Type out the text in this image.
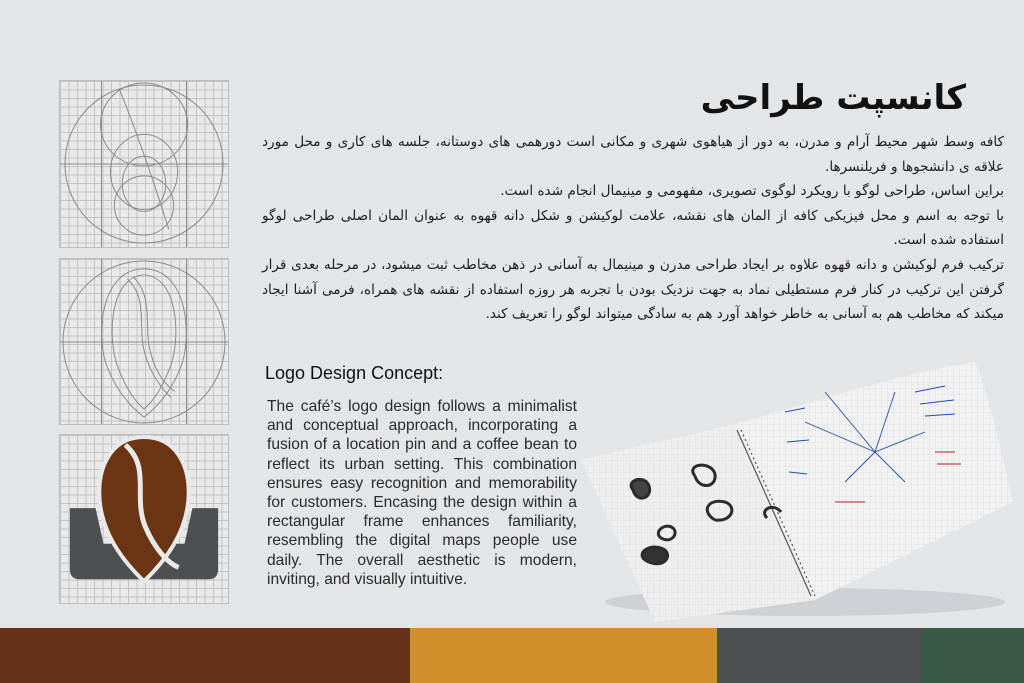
کانسپت طراحی

کافه وسط شهر محیط آرام و مدرن، به دور از هیاهوی شهری و مکانی است دورهمی های دوستانه، جلسه های کاری و محل مورد علاقه ی دانشجوها و فریلنسرها.

براین اساس، طراحی لوگو با رویکرد لوگوی تصویری، مفهومی و مینیمال انجام شده است.

با توجه به اسم و محل فیزیکی کافه از المان های نقشه، علامت لوکیشن و شکل دانه قهوه به عنوان المان اصلی طراحی لوگو استفاده شده است.

ترکیب فرم لوکیشن و دانه قهوه علاوه بر ایجاد طراحی مدرن و مینیمال به آسانی در ذهن مخاطب ثبت میشود، در مرحله بعدی قرار گرفتن این ترکیب در کنار فرم مستطیلی نماد به جهت نزدیک بودن با تجربه هر روزه استفاده از نقشه های همراه، فرمی آشنا ایجاد میکند که مخاطب هم به آسانی به خاطر خواهد آورد هم به سادگی میتواند لوگو را تعریف کند.

Logo Design Concept:

The café’s logo design follows a minimalist and conceptual approach, incorporating a fusion of a location pin and a coffee bean to reflect its urban setting. This combination ensures easy recognition and memorability for customers. Encasing the design within a rectangular frame enhances familiarity, resembling the digital maps people use daily. The overall aesthetic is modern, inviting, and visually intuitive.
